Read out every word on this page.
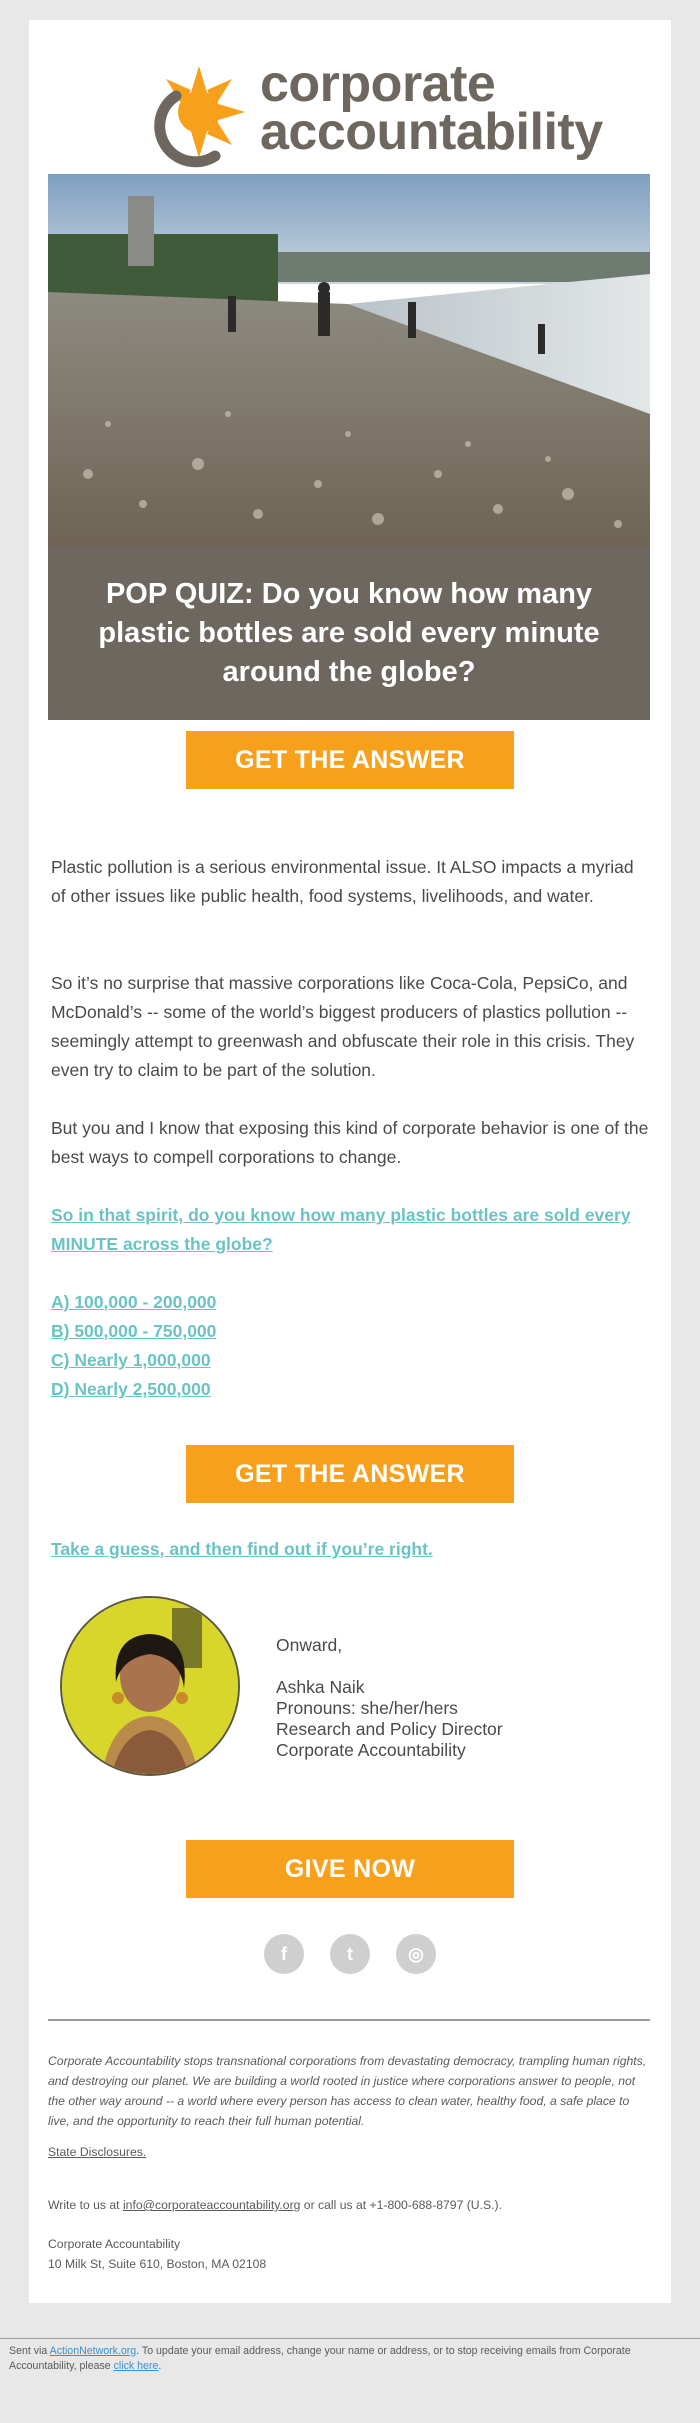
corporate
accountability
POP QUIZ: Do you know how many plastic bottles are sold every minute around the globe?
GET THE ANSWER

Plastic pollution is a serious environmental issue. It ALSO impacts a myriad of other issues like public health, food systems, livelihoods, and water.

So it’s no surprise that massive corporations like Coca-Cola, PepsiCo, and McDonald’s -- some of the world’s biggest producers of plastics pollution -- seemingly attempt to greenwash and obfuscate their role in this crisis. They even try to claim to be part of the solution.

But you and I know that exposing this kind of corporate behavior is one of the best ways to compell corporations to change.

So in that spirit, do you know how many plastic bottles are sold every MINUTE across the globe?

A) 100,000 - 200,000
B) 500,000 - 750,000
C) Nearly 1,000,000
D) Nearly 2,500,000
GET THE ANSWER

Take a guess, and then find out if you’re right.

Onward,
Ashka Naik
Pronouns: she/her/hers
Research and Policy Director
Corporate Accountability
GIVE NOW
f	t	◎

Corporate Accountability stops transnational corporations from devastating democracy, trampling human rights, and destroying our planet. We are building a world rooted in justice where corporations answer to people, not the other way around -- a world where every person has access to clean water, healthy food, a safe place to live, and the opportunity to reach their full human potential.

State Disclosures.

Write to us at info@corporateaccountability.org or call us at +1-800-688-8797 (U.S.).

Corporate Accountability
10 Milk St, Suite 610, Boston, MA 02108
Sent via ActionNetwork.org. To update your email address, change your name or address, or to stop receiving emails from Corporate Accountability, please click here.
